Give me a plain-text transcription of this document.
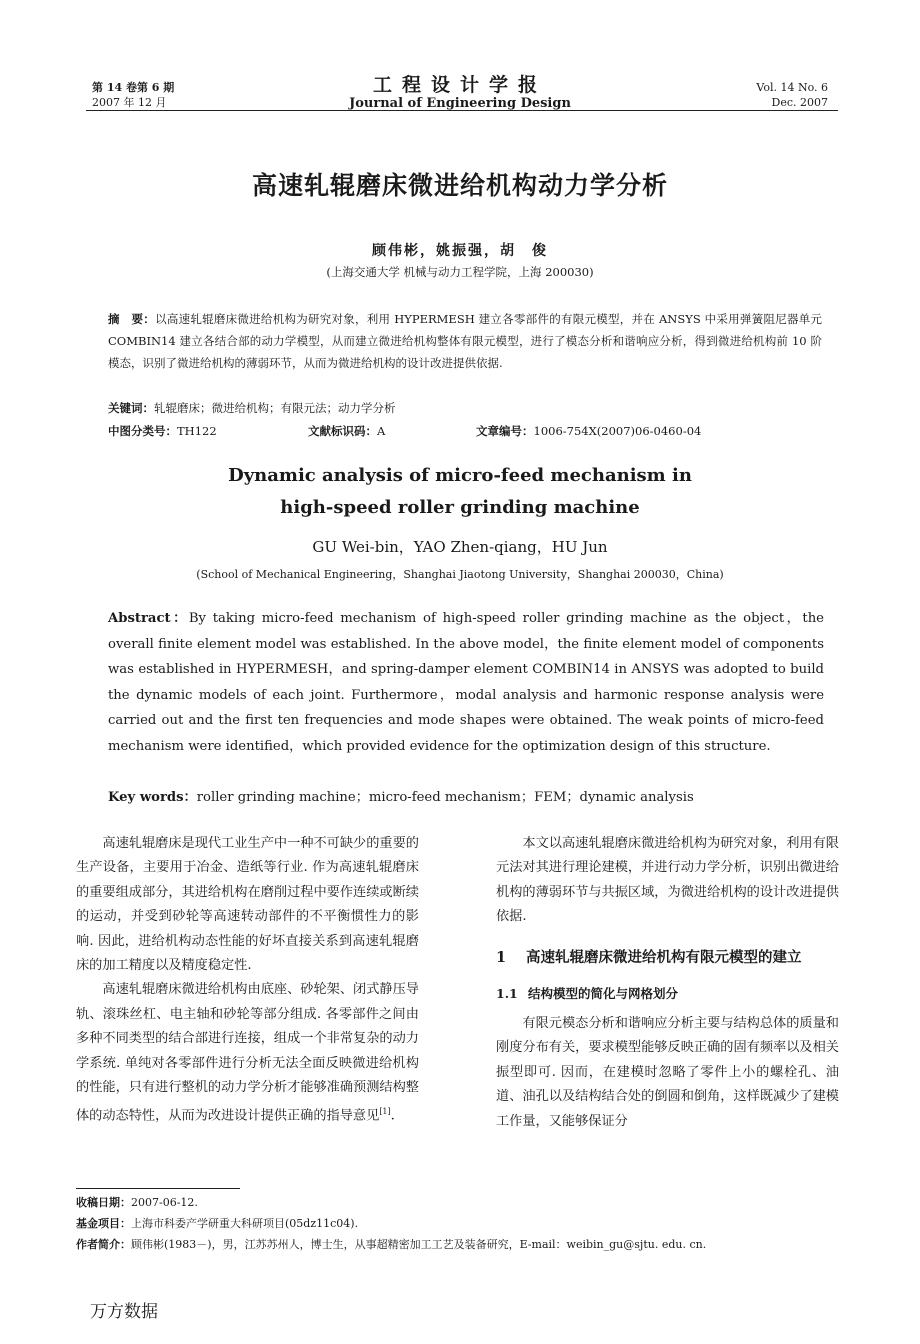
第 14 卷第 6 期
2007 年 12 月
工程设计学报
Journal of Engineering Design
Vol. 14 No. 6
Dec. 2007
高速轧辊磨床微进给机构动力学分析
顾伟彬，姚振强，胡　俊
(上海交通大学 机械与动力工程学院，上海 200030)
摘　要：以高速轧辊磨床微进给机构为研究对象，利用 HYPERMESH 建立各零部件的有限元模型，并在 ANSYS 中采用弹簧阻尼器单元 COMBIN14 建立各结合部的动力学模型，从而建立微进给机构整体有限元模型，进行了模态分析和谐响应分析，得到微进给机构前 10 阶模态，识别了微进给机构的薄弱环节，从而为微进给机构的设计改进提供依据.
关键词：轧辊磨床；微进给机构；有限元法；动力学分析
中图分类号：TH122	文献标识码：A	文章编号：1006-754X(2007)06-0460-04
Dynamic analysis of micro-feed mechanism in
high-speed roller grinding machine
GU Wei-bin，YAO Zhen-qiang，HU Jun
(School of Mechanical Engineering，Shanghai Jiaotong University，Shanghai 200030，China)
Abstract：By taking micro-feed mechanism of high-speed roller grinding machine as the object，the overall finite element model was established. In the above model，the finite element model of components was established in HYPERMESH，and spring-damper element COMBIN14 in ANSYS was adopted to build the dynamic models of each joint. Furthermore，modal analysis and harmonic response analysis were carried out and the first ten frequencies and mode shapes were obtained. The weak points of micro-feed mechanism were identified，which provided evidence for the optimization design of this structure.
Key words：roller grinding machine；micro-feed mechanism；FEM；dynamic analysis

高速轧辊磨床是现代工业生产中一种不可缺少的重要的生产设备，主要用于冶金、造纸等行业. 作为高速轧辊磨床的重要组成部分，其进给机构在磨削过程中要作连续或断续的运动，并受到砂轮等高速转动部件的不平衡惯性力的影响. 因此，进给机构动态性能的好坏直接关系到高速轧辊磨床的加工精度以及精度稳定性.

高速轧辊磨床微进给机构由底座、砂轮架、闭式静压导轨、滚珠丝杠、电主轴和砂轮等部分组成. 各零部件之间由多种不同类型的结合部进行连接，组成一个非常复杂的动力学系统. 单纯对各零部件进行分析无法全面反映微进给机构的性能，只有进行整机的动力学分析才能够准确预测结构整体的动态特性，从而为改进设计提供正确的指导意见[1].

本文以高速轧辊磨床微进给机构为研究对象，利用有限元法对其进行理论建模，并进行动力学分析，识别出微进给机构的薄弱环节与共振区域，为微进给机构的设计改进提供依据.

1	高速轧辊磨床微进给机构有限元模型的建立
1.1 结构模型的简化与网格划分

有限元模态分析和谐响应分析主要与结构总体的质量和刚度分布有关，要求模型能够反映正确的固有频率以及相关振型即可. 因而，在建模时忽略了零件上小的螺栓孔、油道、油孔以及结构结合处的倒圆和倒角，这样既减少了建模工作量，又能够保证分

收稿日期：2007-06-12.
基金项目：上海市科委产学研重大科研项目(05dz11c04).
作者简介：顾伟彬(1983－)，男，江苏苏州人，博士生，从事超精密加工工艺及装备研究，E-mail：weibin_gu@sjtu. edu. cn.
万方数据
